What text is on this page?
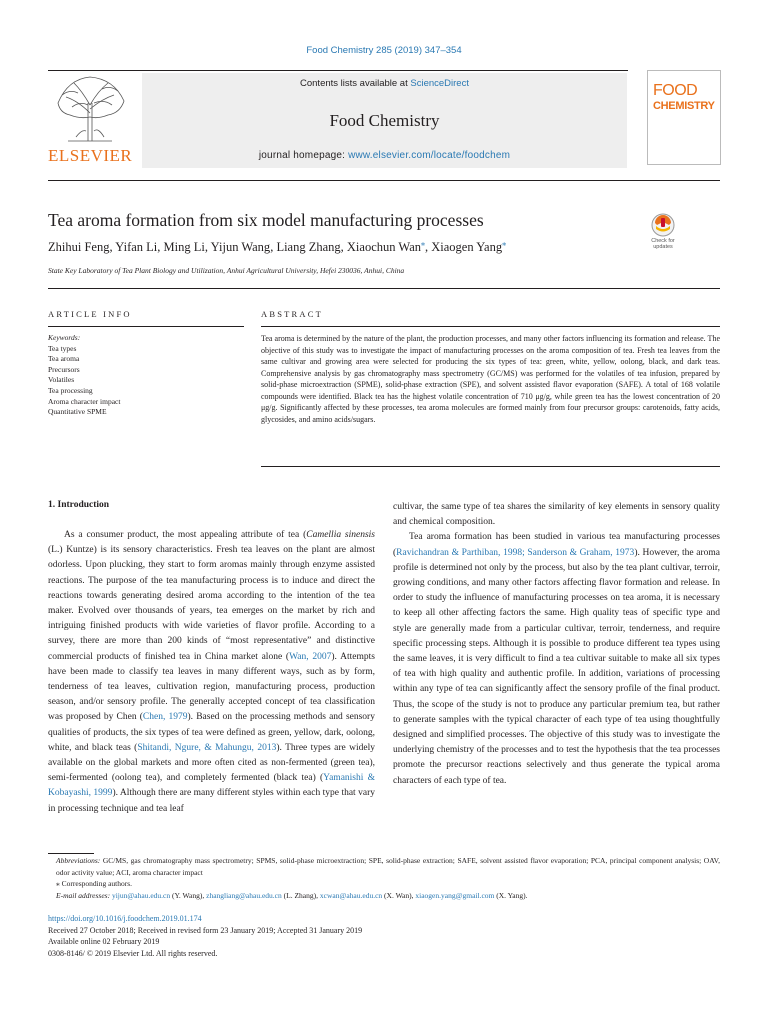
Food Chemistry 285 (2019) 347–354
ELSEVIER
Contents lists available at ScienceDirect
Food Chemistry
journal homepage: www.elsevier.com/locate/foodchem
FOOD
CHEMISTRY
Tea aroma formation from six model manufacturing processes
Zhihui Feng, Yifan Li, Ming Li, Yijun Wang, Liang Zhang, Xiaochun Wan⁎, Xiaogen Yang⁎
State Key Laboratory of Tea Plant Biology and Utilization, Anhui Agricultural University, Hefei 230036, Anhui, China
Check for updates
ARTICLE INFO	ABSTRACT
Keywords:
Tea types
Tea aroma
Precursors
Volatiles
Tea processing
Aroma character impact
Quantitative SPME
Tea aroma is determined by the nature of the plant, the production processes, and many other factors influencing its formation and release. The objective of this study was to investigate the impact of manufacturing processes on the aroma composition of tea. Fresh tea leaves from the same cultivar and growing area were selected for producing the six types of tea: green, white, yellow, oolong, black, and dark teas. Comprehensive analysis by gas chromatography mass spectrometry (GC/MS) was performed for the volatiles of tea infusion, prepared by solid-phase microextraction (SPME), solid-phase extraction (SPE), and solvent assisted flavor evaporation (SAFE). A total of 168 volatile compounds were identified. Black tea has the highest volatile concentration of 710 μg/g, while green tea has the lowest concentration of 20 μg/g. Significantly affected by these processes, tea aroma molecules are formed mainly from four precursor groups: carotenoids, fatty acids, glycosides, and amino acids/sugars.
1. Introduction

As a consumer product, the most appealing attribute of tea (Camellia sinensis (L.) Kuntze) is its sensory characteristics. Fresh tea leaves on the plant are almost odorless. Upon plucking, they start to form aromas mainly through enzyme assisted reactions. The purpose of the tea manufacturing process is to induce and direct the reactions towards generating desired aroma according to the intention of the tea maker. Evolved over thousands of years, tea emerges on the market by rich and intriguing finished products with wide varieties of flavor profile. According to a survey, there are more than 200 kinds of “most representative” and distinctive commercial products of finished tea in China market alone (Wan, 2007). Attempts have been made to classify tea leaves in many different ways, such as by form, tenderness of tea leaves, cultivation region, manufacturing process, production season, and/or sensory profile. The generally accepted concept of tea classification was proposed by Chen (Chen, 1979). Based on the processing methods and sensory qualities of products, the six types of tea were defined as green, yellow, dark, oolong, white, and black teas (Shitandi, Ngure, & Mahungu, 2013). Three types are widely available on the global markets and more often cited as non-fermented (green tea), semi-fermented (oolong tea), and completely fermented (black tea) (Yamanishi & Kobayashi, 1999). Although there are many different styles within each type that vary in processing technique and tea leaf

cultivar, the same type of tea shares the similarity of key elements in sensory quality and chemical composition.

Tea aroma formation has been studied in various tea manufacturing processes (Ravichandran & Parthiban, 1998; Sanderson & Graham, 1973). However, the aroma profile is determined not only by the process, but also by the tea plant cultivar, terroir, growing conditions, and many other factors affecting flavor formation and release. In order to study the influence of manufacturing processes on tea aroma, it is necessary to keep all other affecting factors the same. High quality teas of specific type and style are generally made from a particular cultivar, terroir, tenderness, and require specific processing steps. Although it is possible to produce different tea types using the same leaves, it is very difficult to find a tea cultivar suitable to make all six types of tea with high quality and authentic profile. In addition, variations of processing within any type of tea can significantly affect the sensory profile of the final product. Thus, the scope of the study is not to produce any particular premium tea, but rather to generate samples with the typical character of each type of tea using thoughtfully designed and simplified processes. The objective of this study was to investigate the underlying chemistry of the processes and to test the hypothesis that the tea processes promote the precursor reactions selectively and thus generate the typical aroma characters of each type of tea.

Abbreviations: GC/MS, gas chromatography mass spectrometry; SPMS, solid-phase microextraction; SPE, solid-phase extraction; SAFE, solvent assisted flavor evaporation; PCA, principal component analysis; OAV, odor activity value; ACI, aroma character impact

⁎ Corresponding authors.

E-mail addresses: yijun@ahau.edu.cn (Y. Wang), zhangliang@ahau.edu.cn (L. Zhang), xcwan@ahau.edu.cn (X. Wan), xiaogen.yang@gmail.com (X. Yang).

https://doi.org/10.1016/j.foodchem.2019.01.174

Received 27 October 2018; Received in revised form 23 January 2019; Accepted 31 January 2019

Available online 02 February 2019

0308-8146/ © 2019 Elsevier Ltd. All rights reserved.
